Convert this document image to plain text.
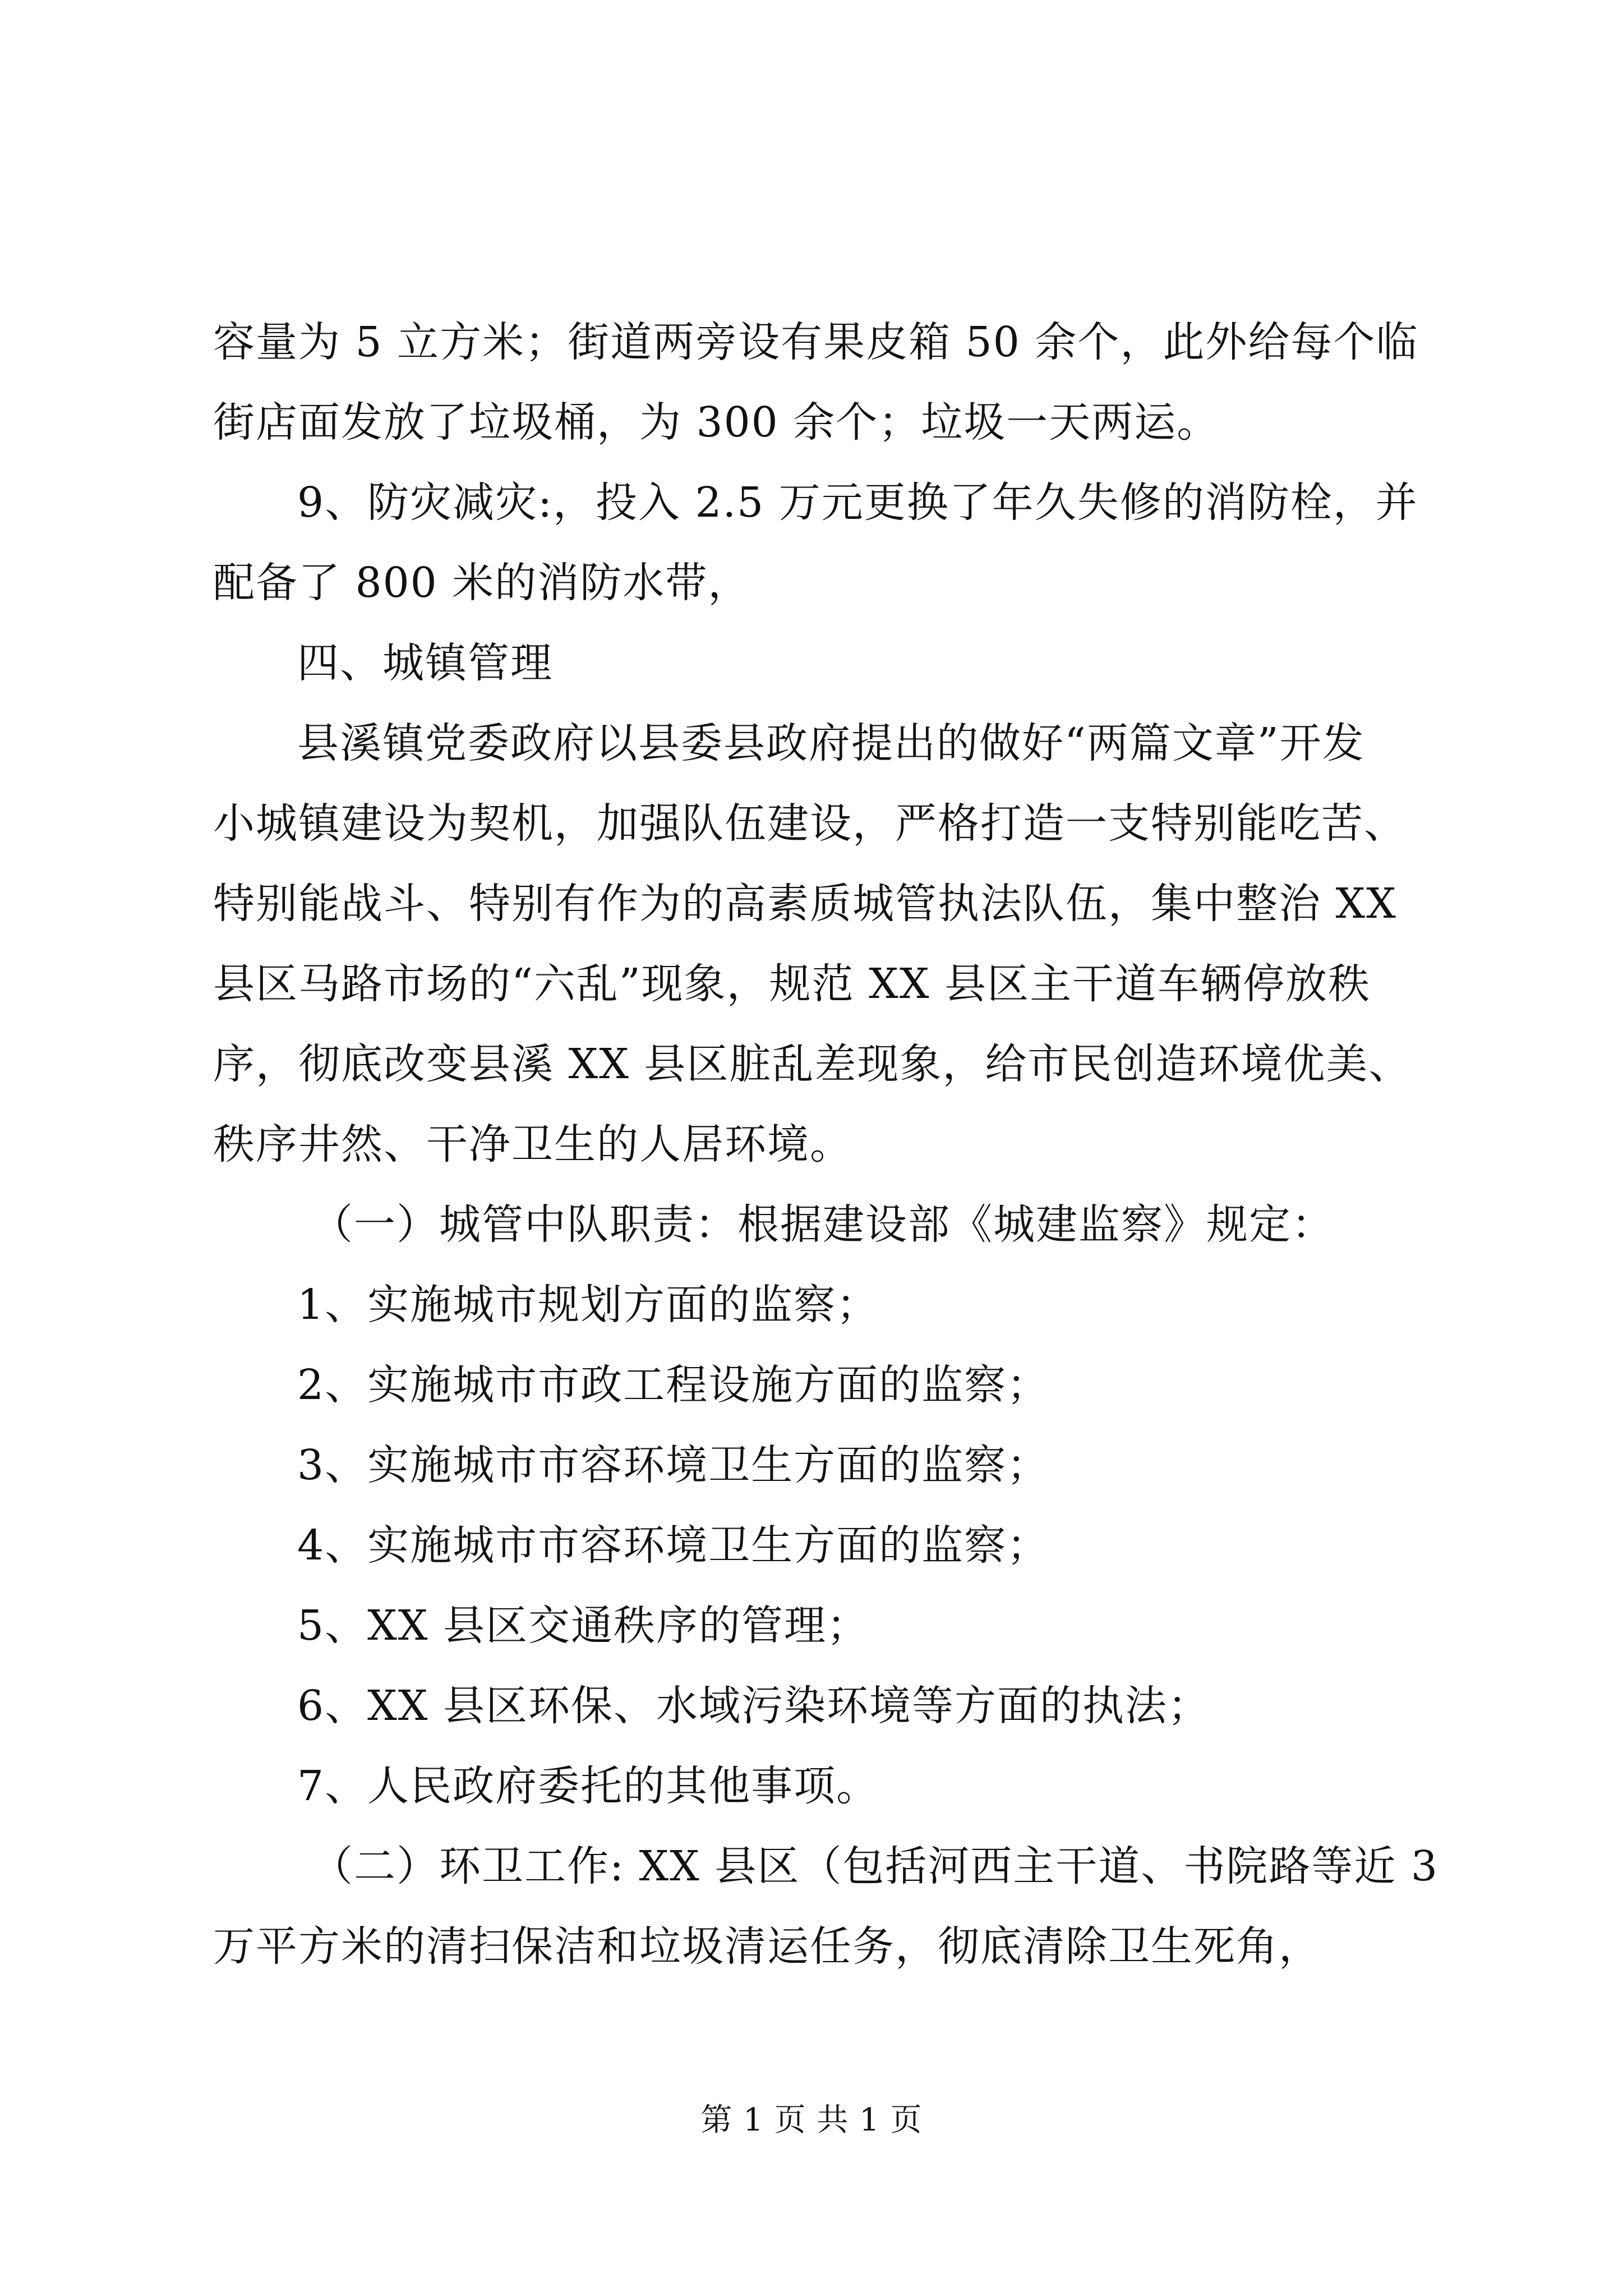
容量为 5 立方米；街道两旁设有果皮箱 50 余个，此外给每个临
街店面发放了垃圾桶，为 300 余个；垃圾一天两运。
9、防灾减灾:，投入 2.5 万元更换了年久失修的消防栓，并
配备了 800 米的消防水带，
四、城镇管理
县溪镇党委政府以县委县政府提出的做好“两篇文章”开发
小城镇建设为契机，加强队伍建设，严格打造一支特别能吃苦、
特别能战斗、特别有作为的高素质城管执法队伍，集中整治 XX
县区马路市场的“六乱”现象，规范 XX 县区主干道车辆停放秩
序，彻底改变县溪 XX 县区脏乱差现象，给市民创造环境优美、
秩序井然、干净卫生的人居环境。
（一）城管中队职责：根据建设部《城建监察》规定：
1、实施城市规划方面的监察；
2、实施城市市政工程设施方面的监察；
3、实施城市市容环境卫生方面的监察；
4、实施城市市容环境卫生方面的监察；
5、XX 县区交通秩序的管理；
6、XX 县区环保、水域污染环境等方面的执法；
7、人民政府委托的其他事项。
（二）环卫工作: XX 县区（包括河西主干道、书院路等近 3
万平方米的清扫保洁和垃圾清运任务，彻底清除卫生死角，
第 1 页 共 1 页
